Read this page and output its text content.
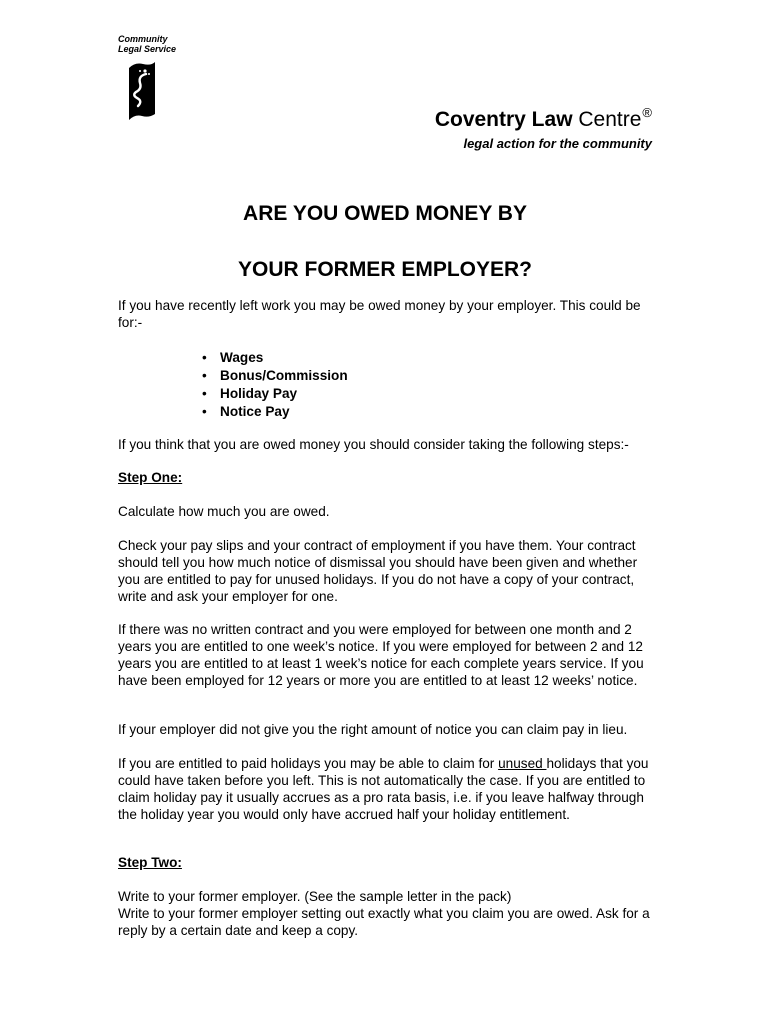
Community
Legal Service
Coventry Law Centre®
legal action for the community
ARE YOU OWED MONEY BY
YOUR FORMER EMPLOYER?

If you have recently left work you may be owed money by your employer. This could be for:-

• Wages
• Bonus/Commission
• Holiday Pay
• Notice Pay

If you think that you are owed money you should consider taking the following steps:-

Step One:

Calculate how much you are owed.

Check your pay slips and your contract of employment if you have them. Your contract should tell you how much notice of dismissal you should have been given and whether you are entitled to pay for unused holidays. If you do not have a copy of your contract, write and ask your employer for one.

If there was no written contract and you were employed for between one month and 2 years you are entitled to one week’s notice. If you were employed for between 2 and 12 years you are entitled to at least 1 week’s notice for each complete years service. If you have been employed for 12 years or more you are entitled to at least 12 weeks’ notice.

If your employer did not give you the right amount of notice you can claim pay in lieu.

If you are entitled to paid holidays you may be able to claim for unused holidays that you could have taken before you left. This is not automatically the case. If you are entitled to claim holiday pay it usually accrues as a pro rata basis, i.e. if you leave halfway through the holiday year you would only have accrued half your holiday entitlement.

Step Two:

Write to your former employer. (See the sample letter in the pack)

Write to your former employer setting out exactly what you claim you are owed. Ask for a reply by a certain date and keep a copy.
